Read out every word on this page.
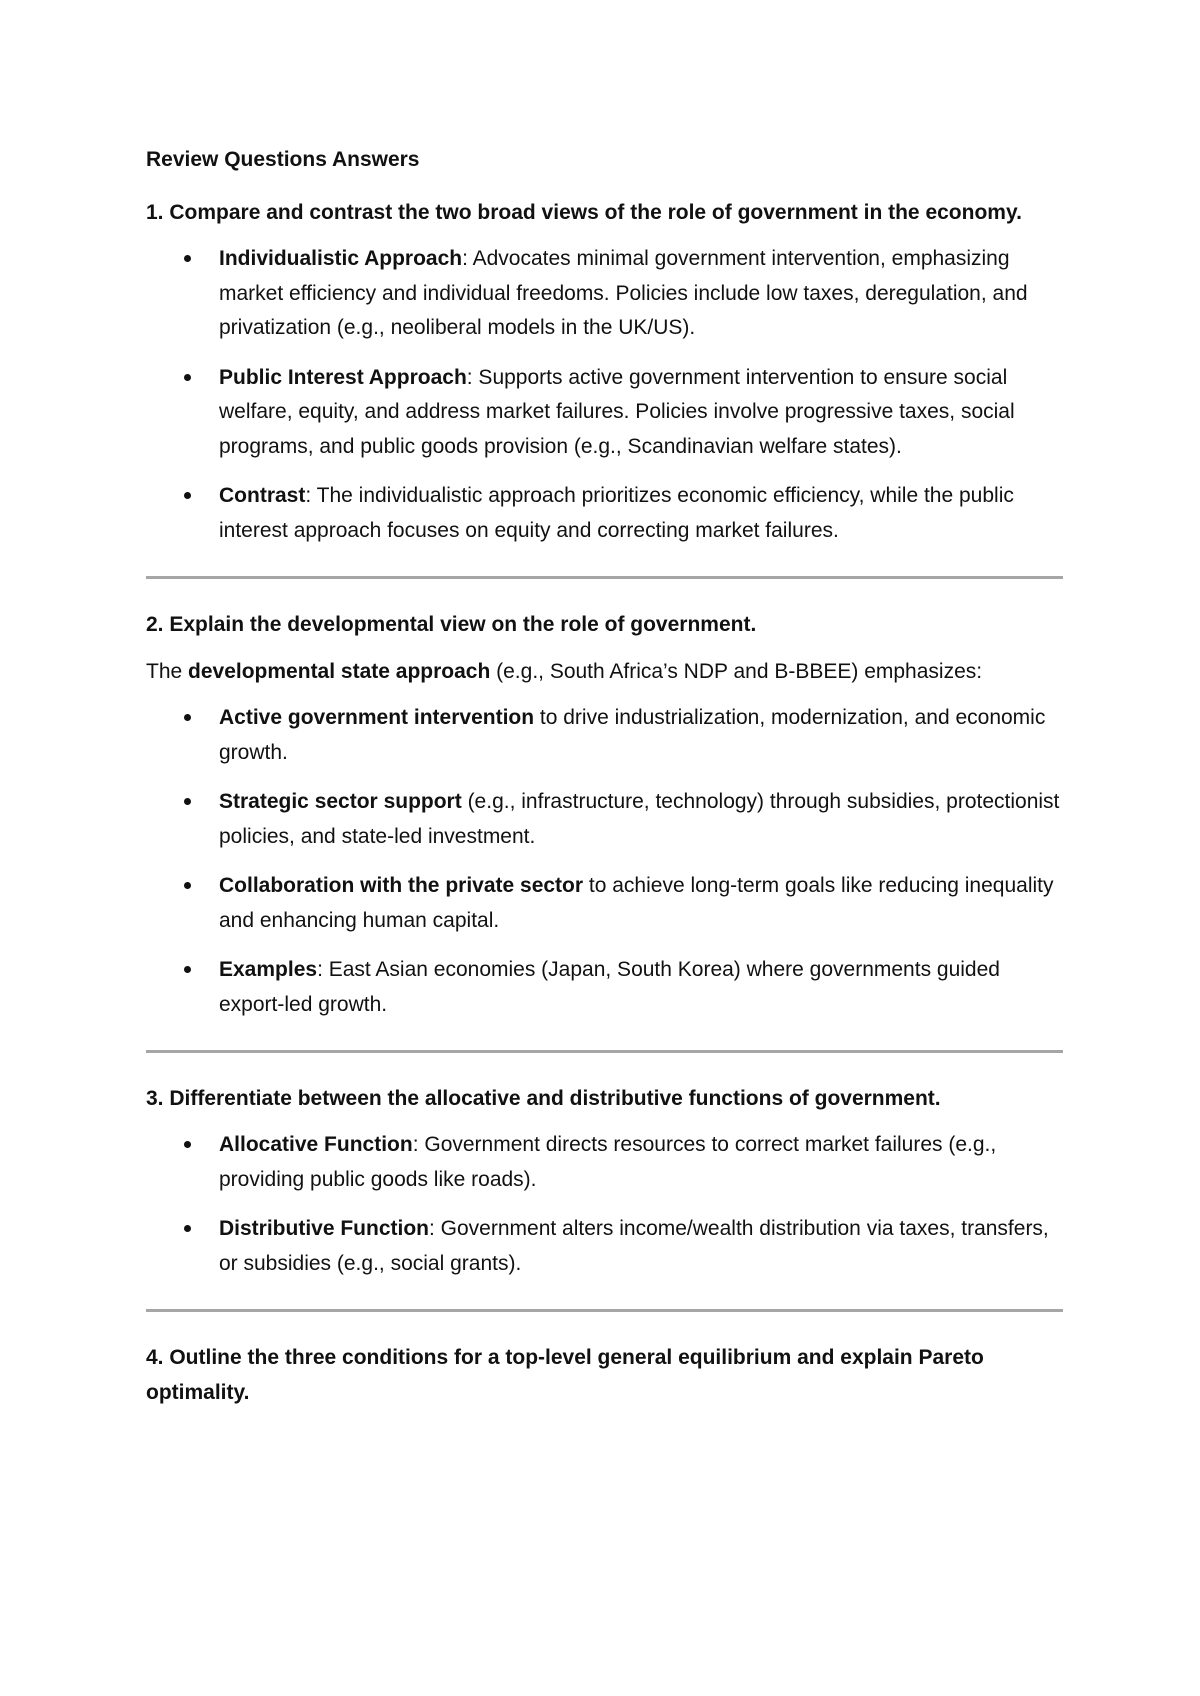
Review Questions Answers
1. Compare and contrast the two broad views of the role of government in the economy.
Individualistic Approach: Advocates minimal government intervention, emphasizing market efficiency and individual freedoms. Policies include low taxes, deregulation, and privatization (e.g., neoliberal models in the UK/US).
Public Interest Approach: Supports active government intervention to ensure social welfare, equity, and address market failures. Policies involve progressive taxes, social programs, and public goods provision (e.g., Scandinavian welfare states).
Contrast: The individualistic approach prioritizes economic efficiency, while the public interest approach focuses on equity and correcting market failures.
2. Explain the developmental view on the role of government.
The developmental state approach (e.g., South Africa’s NDP and B-BBEE) emphasizes:
Active government intervention to drive industrialization, modernization, and economic growth.
Strategic sector support (e.g., infrastructure, technology) through subsidies, protectionist policies, and state-led investment.
Collaboration with the private sector to achieve long-term goals like reducing inequality and enhancing human capital.
Examples: East Asian economies (Japan, South Korea) where governments guided export-led growth.
3. Differentiate between the allocative and distributive functions of government.
Allocative Function: Government directs resources to correct market failures (e.g., providing public goods like roads).
Distributive Function: Government alters income/wealth distribution via taxes, transfers, or subsidies (e.g., social grants).
4. Outline the three conditions for a top-level general equilibrium and explain Pareto optimality.
